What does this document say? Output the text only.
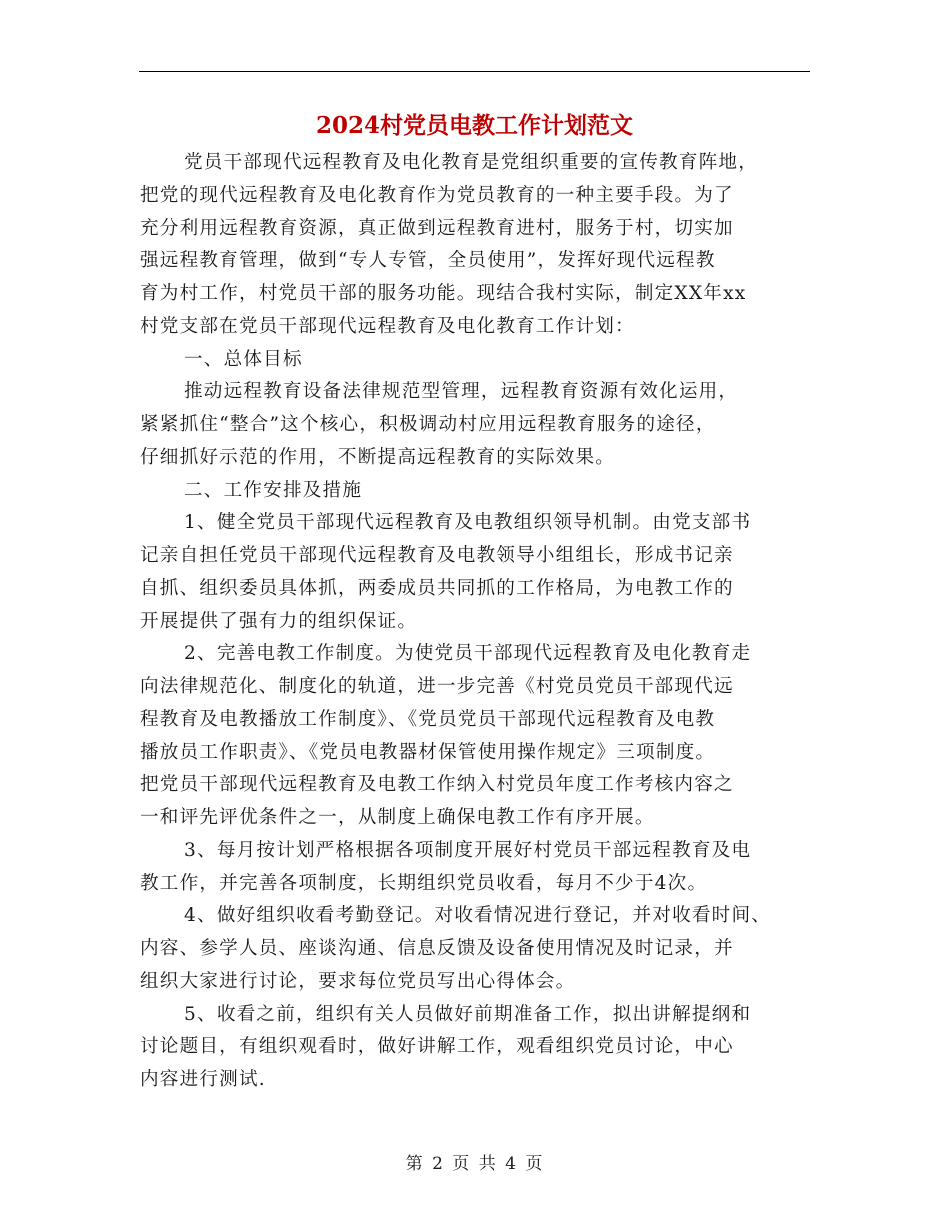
2024村党员电教工作计划范文
党员干部现代远程教育及电化教育是党组织重要的宣传教育阵地，
把党的现代远程教育及电化教育作为党员教育的一种主要手段。为了
充分利用远程教育资源，真正做到远程教育进村，服务于村，切实加
强远程教育管理，做到“专人专管，全员使用”，发挥好现代远程教
育为村工作，村党员干部的服务功能。现结合我村实际，制定XX年xx
村党支部在党员干部现代远程教育及电化教育工作计划：
一、总体目标
推动远程教育设备法律规范型管理，远程教育资源有效化运用，
紧紧抓住“整合”这个核心，积极调动村应用远程教育服务的途径，
仔细抓好示范的作用，不断提高远程教育的实际效果。
二、工作安排及措施
1、健全党员干部现代远程教育及电教组织领导机制。由党支部书
记亲自担任党员干部现代远程教育及电教领导小组组长，形成书记亲
自抓、组织委员具体抓，两委成员共同抓的工作格局，为电教工作的
开展提供了强有力的组织保证。
2、完善电教工作制度。为使党员干部现代远程教育及电化教育走
向法律规范化、制度化的轨道，进一步完善《村党员党员干部现代远
程教育及电教播放工作制度》、《党员党员干部现代远程教育及电教
播放员工作职责》、《党员电教器材保管使用操作规定》三项制度。
把党员干部现代远程教育及电教工作纳入村党员年度工作考核内容之
一和评先评优条件之一，从制度上确保电教工作有序开展。
3、每月按计划严格根据各项制度开展好村党员干部远程教育及电
教工作，并完善各项制度，长期组织党员收看，每月不少于4次。
4、做好组织收看考勤登记。对收看情况进行登记，并对收看时间、
内容、参学人员、座谈沟通、信息反馈及设备使用情况及时记录，并
组织大家进行讨论，要求每位党员写出心得体会。
5、收看之前，组织有关人员做好前期准备工作，拟出讲解提纲和
讨论题目，有组织观看时，做好讲解工作，观看组织党员讨论，中心
内容进行测试.
第 2 页 共 4 页
